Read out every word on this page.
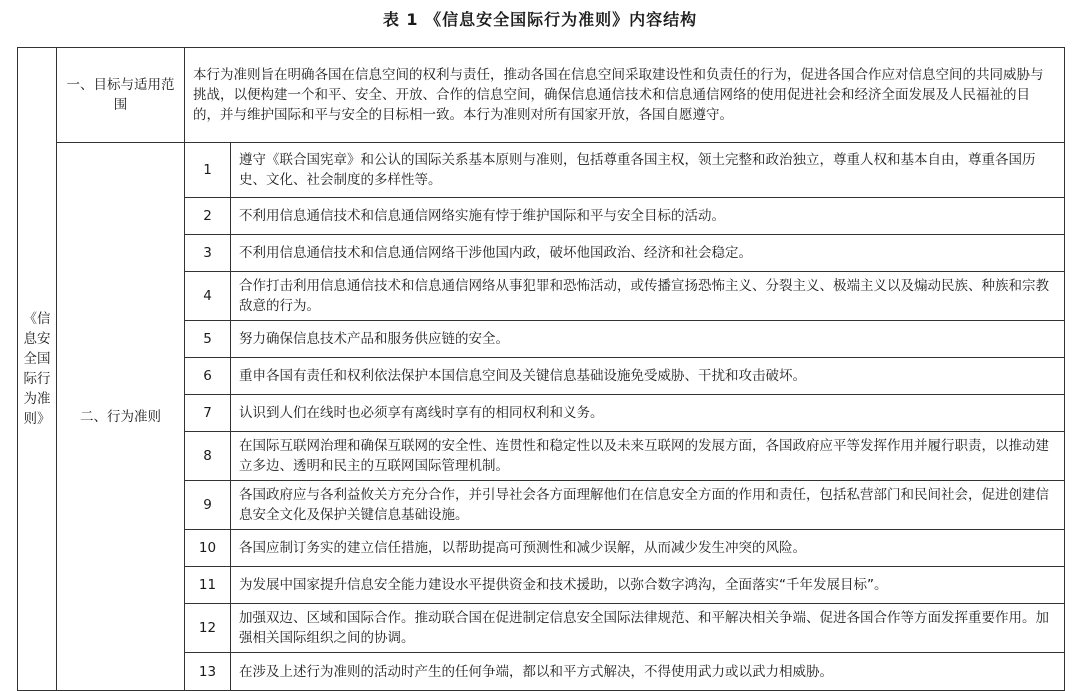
表 1 《信息安全国际行为准则》内容结构
《信息安全国际行为准则》	一、目标与适用范围	本行为准则旨在明确各国在信息空间的权利与责任，推动各国在信息空间采取建设性和负责任的行为，促进各国合作应对信息空间的共同威胁与挑战，以便构建一个和平、安全、开放、合作的信息空间，确保信息通信技术和信息通信网络的使用促进社会和经济全面发展及人民福祉的目的，并与维护国际和平与安全的目标相一致。本行为准则对所有国家开放，各国自愿遵守。	
	二、行为准则	1	遵守《联合国宪章》和公认的国际关系基本原则与准则，包括尊重各国主权，领土完整和政治独立，尊重人权和基本自由，尊重各国历史、文化、社会制度的多样性等。
		2	不利用信息通信技术和信息通信网络实施有悖于维护国际和平与安全目标的活动。
		3	不利用信息通信技术和信息通信网络干涉他国内政，破坏他国政治、经济和社会稳定。
		4	合作打击利用信息通信技术和信息通信网络从事犯罪和恐怖活动，或传播宣扬恐怖主义、分裂主义、极端主义以及煽动民族、种族和宗教敌意的行为。
		5	努力确保信息技术产品和服务供应链的安全。
		6	重申各国有责任和权利依法保护本国信息空间及关键信息基础设施免受威胁、干扰和攻击破坏。
		7	认识到人们在线时也必须享有离线时享有的相同权利和义务。
		8	在国际互联网治理和确保互联网的安全性、连贯性和稳定性以及未来互联网的发展方面，各国政府应平等发挥作用并履行职责，以推动建立多边、透明和民主的互联网国际管理机制。
		9	各国政府应与各利益攸关方充分合作，并引导社会各方面理解他们在信息安全方面的作用和责任，包括私营部门和民间社会，促进创建信息安全文化及保护关键信息基础设施。
		10	各国应制订务实的建立信任措施，以帮助提高可预测性和减少误解，从而减少发生冲突的风险。
		11	为发展中国家提升信息安全能力建设水平提供资金和技术援助，以弥合数字鸿沟，全面落实“千年发展目标”。
		12	加强双边、区域和国际合作。推动联合国在促进制定信息安全国际法律规范、和平解决相关争端、促进各国合作等方面发挥重要作用。加强相关国际组织之间的协调。
		13	在涉及上述行为准则的活动时产生的任何争端，都以和平方式解决，不得使用武力或以武力相威胁。
